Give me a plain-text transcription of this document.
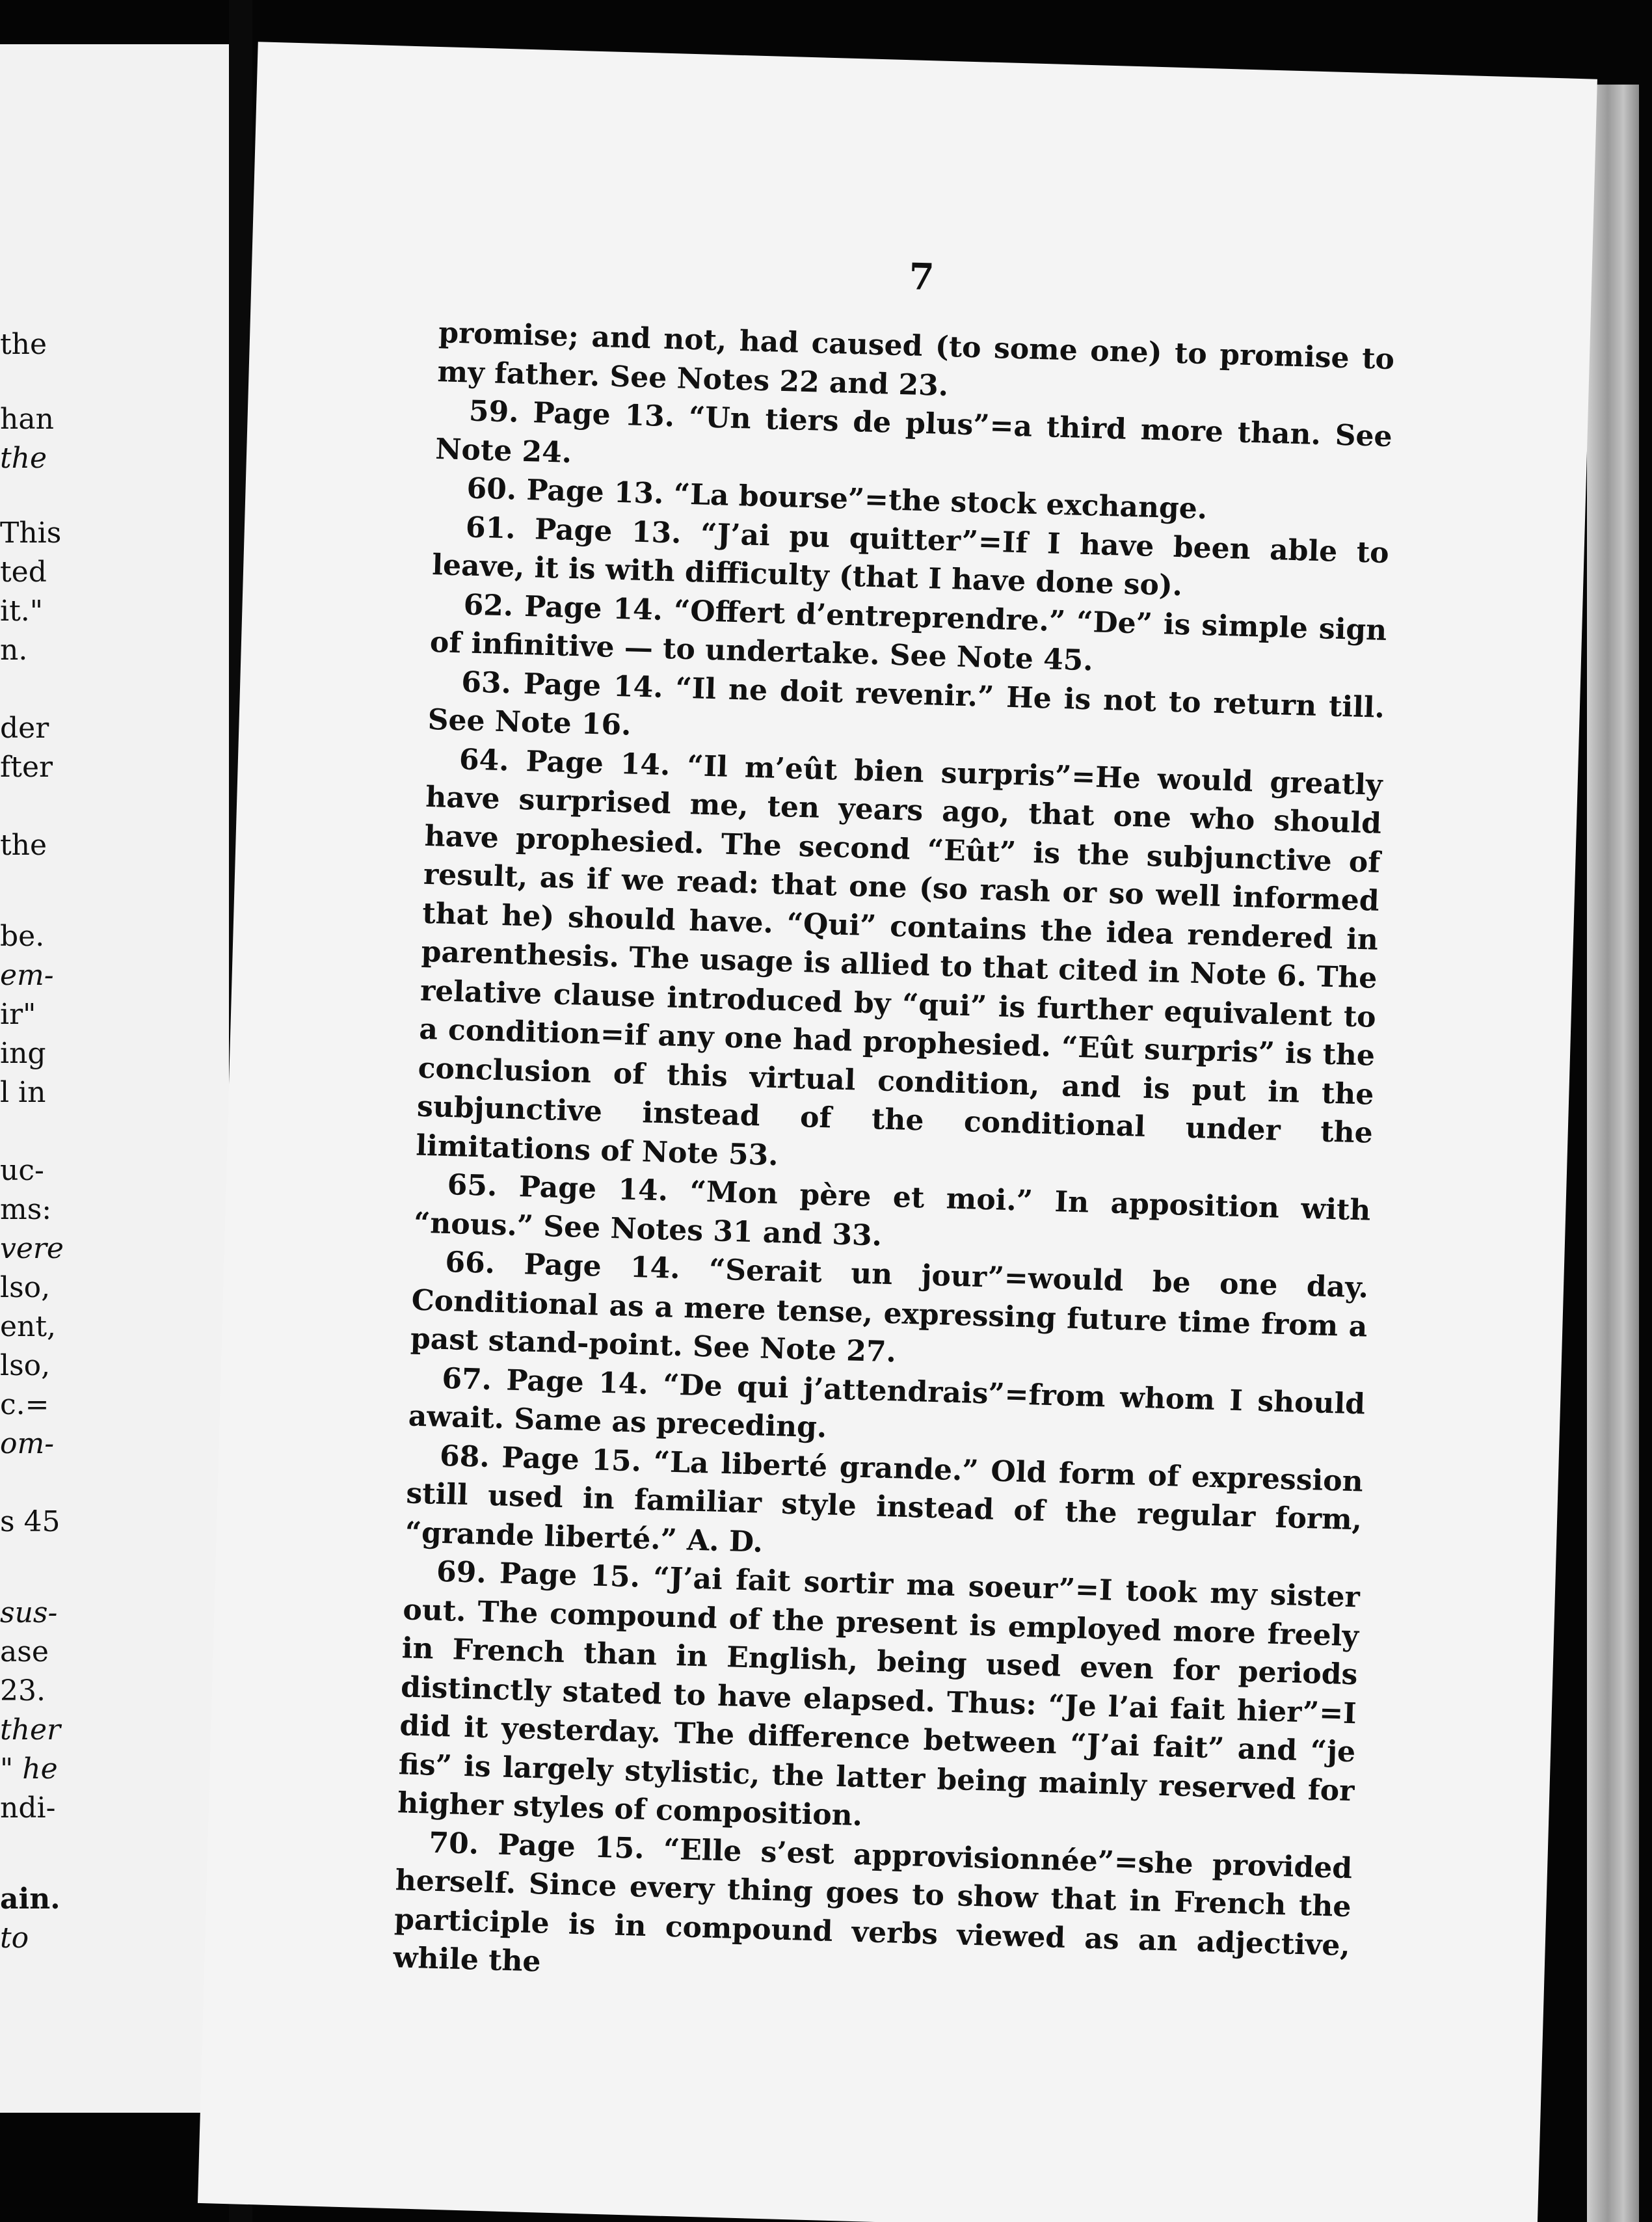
the
han
the
This
ted
it."
n.
der
fter
the
be.
em-
ir"
ing
l in
uc-
ms:
vere
lso,
ent,
lso,
c.=
om-
s 45
sus-
ase
23.
ther
" he
ndi-
ain.
to
7

promise; and not, had caused (to some one) to promise to my father. See Notes 22 and 23.

59. Page 13. “Un tiers de plus”=a third more than. See Note 24.

60. Page 13. “La bourse”=the stock exchange.

61. Page 13. “J’ai pu quitter”=If I have been able to leave, it is with difficulty (that I have done so).

62. Page 14. “Offert d’entreprendre.” “De” is simple sign of infinitive — to undertake. See Note 45.

63. Page 14. “Il ne doit revenir.” He is not to return till. See Note 16.

64. Page 14. “Il m’eût bien surpris”=He would greatly have surprised me, ten years ago, that one who should have prophesied. The second “Eût” is the subjunctive of result, as if we read: that one (so rash or so well informed that he) should have. “Qui” contains the idea rendered in parenthesis. The usage is allied to that cited in Note 6. The relative clause introduced by “qui” is further equivalent to a condition=if any one had prophesied. “Eût surpris” is the conclusion of this virtual condition, and is put in the subjunctive instead of the conditional under the limitations of Note 53.

65. Page 14. “Mon père et moi.” In apposition with “nous.” See Notes 31 and 33.

66. Page 14. “Serait un jour”=would be one day. Conditional as a mere tense, expressing future time from a past stand-point. See Note 27.

67. Page 14. “De qui j’attendrais”=from whom I should await. Same as preceding.

68. Page 15. “La liberté grande.” Old form of expression still used in familiar style instead of the regular form, “grande liberté.” A. D.

69. Page 15. “J’ai fait sortir ma soeur”=I took my sister out. The compound of the present is employed more freely in French than in English, being used even for periods distinctly stated to have elapsed. Thus: “Je l’ai fait hier”=I did it yesterday. The difference between “J’ai fait” and “je fis” is largely stylistic, the latter being mainly reserved for higher styles of composition.

70. Page 15. “Elle s’est approvisionnée”=she provided herself. Since every thing goes to show that in French the participle is in compound verbs viewed as an adjective, while the
